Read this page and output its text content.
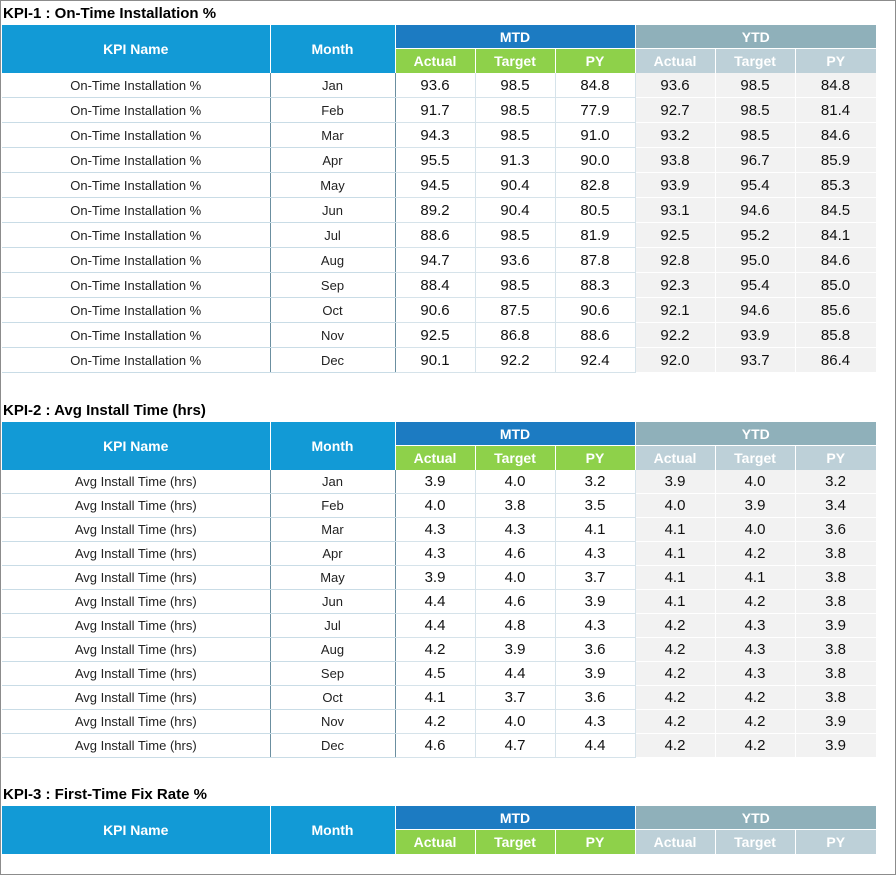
KPI-1 : On-Time Installation %
KPI Name	Month	MTD			YTD		
		Actual	Target	PY	Actual	Target	PY
On-Time Installation %	Jan	93.6	98.5	84.8	93.6	98.5	84.8
On-Time Installation %	Feb	91.7	98.5	77.9	92.7	98.5	81.4
On-Time Installation %	Mar	94.3	98.5	91.0	93.2	98.5	84.6
On-Time Installation %	Apr	95.5	91.3	90.0	93.8	96.7	85.9
On-Time Installation %	May	94.5	90.4	82.8	93.9	95.4	85.3
On-Time Installation %	Jun	89.2	90.4	80.5	93.1	94.6	84.5
On-Time Installation %	Jul	88.6	98.5	81.9	92.5	95.2	84.1
On-Time Installation %	Aug	94.7	93.6	87.8	92.8	95.0	84.6
On-Time Installation %	Sep	88.4	98.5	88.3	92.3	95.4	85.0
On-Time Installation %	Oct	90.6	87.5	90.6	92.1	94.6	85.6
On-Time Installation %	Nov	92.5	86.8	88.6	92.2	93.9	85.8
On-Time Installation %	Dec	90.1	92.2	92.4	92.0	93.7	86.4
KPI-2 : Avg Install Time (hrs)
KPI Name	Month	MTD			YTD		
		Actual	Target	PY	Actual	Target	PY
Avg Install Time (hrs)	Jan	3.9	4.0	3.2	3.9	4.0	3.2
Avg Install Time (hrs)	Feb	4.0	3.8	3.5	4.0	3.9	3.4
Avg Install Time (hrs)	Mar	4.3	4.3	4.1	4.1	4.0	3.6
Avg Install Time (hrs)	Apr	4.3	4.6	4.3	4.1	4.2	3.8
Avg Install Time (hrs)	May	3.9	4.0	3.7	4.1	4.1	3.8
Avg Install Time (hrs)	Jun	4.4	4.6	3.9	4.1	4.2	3.8
Avg Install Time (hrs)	Jul	4.4	4.8	4.3	4.2	4.3	3.9
Avg Install Time (hrs)	Aug	4.2	3.9	3.6	4.2	4.3	3.8
Avg Install Time (hrs)	Sep	4.5	4.4	3.9	4.2	4.3	3.8
Avg Install Time (hrs)	Oct	4.1	3.7	3.6	4.2	4.2	3.8
Avg Install Time (hrs)	Nov	4.2	4.0	4.3	4.2	4.2	3.9
Avg Install Time (hrs)	Dec	4.6	4.7	4.4	4.2	4.2	3.9
KPI-3 : First-Time Fix Rate %
KPI Name	Month	MTD			YTD		
		Actual	Target	PY	Actual	Target	PY
